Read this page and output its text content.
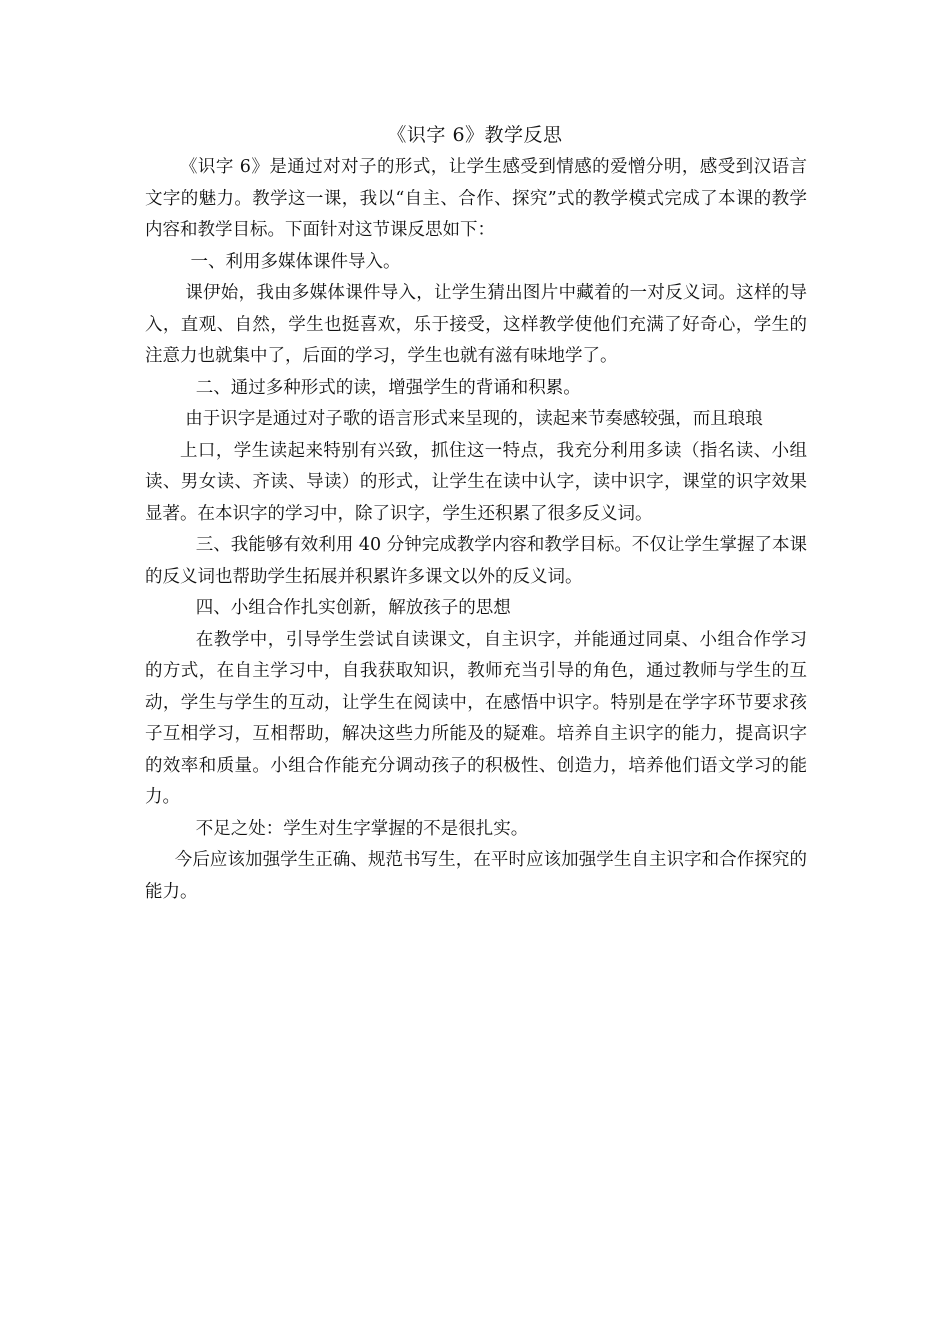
《识字 6》教学反思

《识字 6》是通过对对子的形式，让学生感受到情感的爱憎分明，感受到汉语言文字的魅力。教学这一课，我以“自主、合作、探究”式的教学模式完成了本课的教学内容和教学目标。下面针对这节课反思如下：

一、利用多媒体课件导入。

课伊始，我由多媒体课件导入，让学生猜出图片中藏着的一对反义词。这样的导入，直观、自然，学生也挺喜欢，乐于接受，这样教学使他们充满了好奇心，学生的注意力也就集中了，后面的学习，学生也就有滋有味地学了。

二、通过多种形式的读，增强学生的背诵和积累。

由于识字是通过对子歌的语言形式来呈现的，读起来节奏感较强，而且琅琅

上口，学生读起来特别有兴致，抓住这一特点，我充分利用多读（指名读、小组读、男女读、齐读、导读）的形式，让学生在读中认字，读中识字，课堂的识字效果显著。在本识字的学习中，除了识字，学生还积累了很多反义词。

三、我能够有效利用 40 分钟完成教学内容和教学目标。不仅让学生掌握了本课的反义词也帮助学生拓展并积累许多课文以外的反义词。

四、小组合作扎实创新，解放孩子的思想

在教学中，引导学生尝试自读课文，自主识字，并能通过同桌、小组合作学习的方式，在自主学习中，自我获取知识，教师充当引导的角色，通过教师与学生的互动，学生与学生的互动，让学生在阅读中，在感悟中识字。特别是在学字环节要求孩子互相学习，互相帮助，解决这些力所能及的疑难。培养自主识字的能力，提高识字的效率和质量。小组合作能充分调动孩子的积极性、创造力，培养他们语文学习的能力。

不足之处：学生对生字掌握的不是很扎实。

今后应该加强学生正确、规范书写生，在平时应该加强学生自主识字和合作探究的能力。
